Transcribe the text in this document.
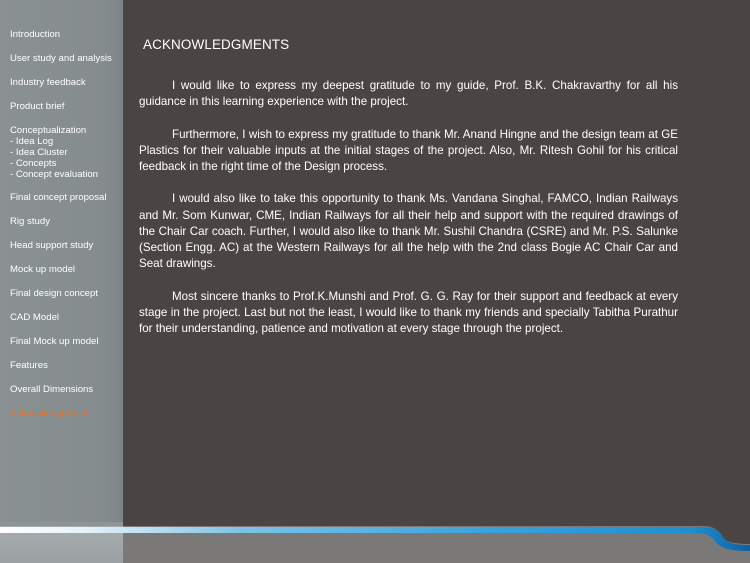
Introduction
User study and analysis
Industry feedback
Product brief
Conceptualization
- Idea Log
- Idea Cluster
- Concepts
- Concept evaluation
Final concept proposal
Rig study
Head support study
Mock up model
Final design concept
CAD Model
Final Mock up model
Features
Overall Dimensions
Acknowledgement
ACKNOWLEDGMENTS

I would like to express my deepest gratitude to my guide, Prof. B.K. Chakravarthy for all his guidance in this learning experience with the project.

Furthermore, I wish to express my gratitude to thank Mr. Anand Hingne and the design team at GE Plastics for their valuable inputs at the initial stages of the project. Also, Mr. Ritesh Gohil for his critical feedback in the right time of the Design process.

I would also like to take this opportunity to thank Ms. Vandana Singhal, FAMCO, Indian Railways and Mr. Som Kunwar, CME, Indian Railways for all their help and support with the required drawings of the Chair Car coach. Further, I would also like to thank Mr. Sushil Chandra (CSRE) and Mr. P.S. Salunke (Section Engg. AC) at the Western Railways for all the help with the 2nd class Bogie AC Chair Car and Seat drawings.

Most sincere thanks to Prof.K.Munshi and Prof. G. G. Ray for their support and feedback at every stage in the project. Last but not the least, I would like to thank my friends and specially Tabitha Purathur for their understanding, patience and motivation at every stage through the project.
